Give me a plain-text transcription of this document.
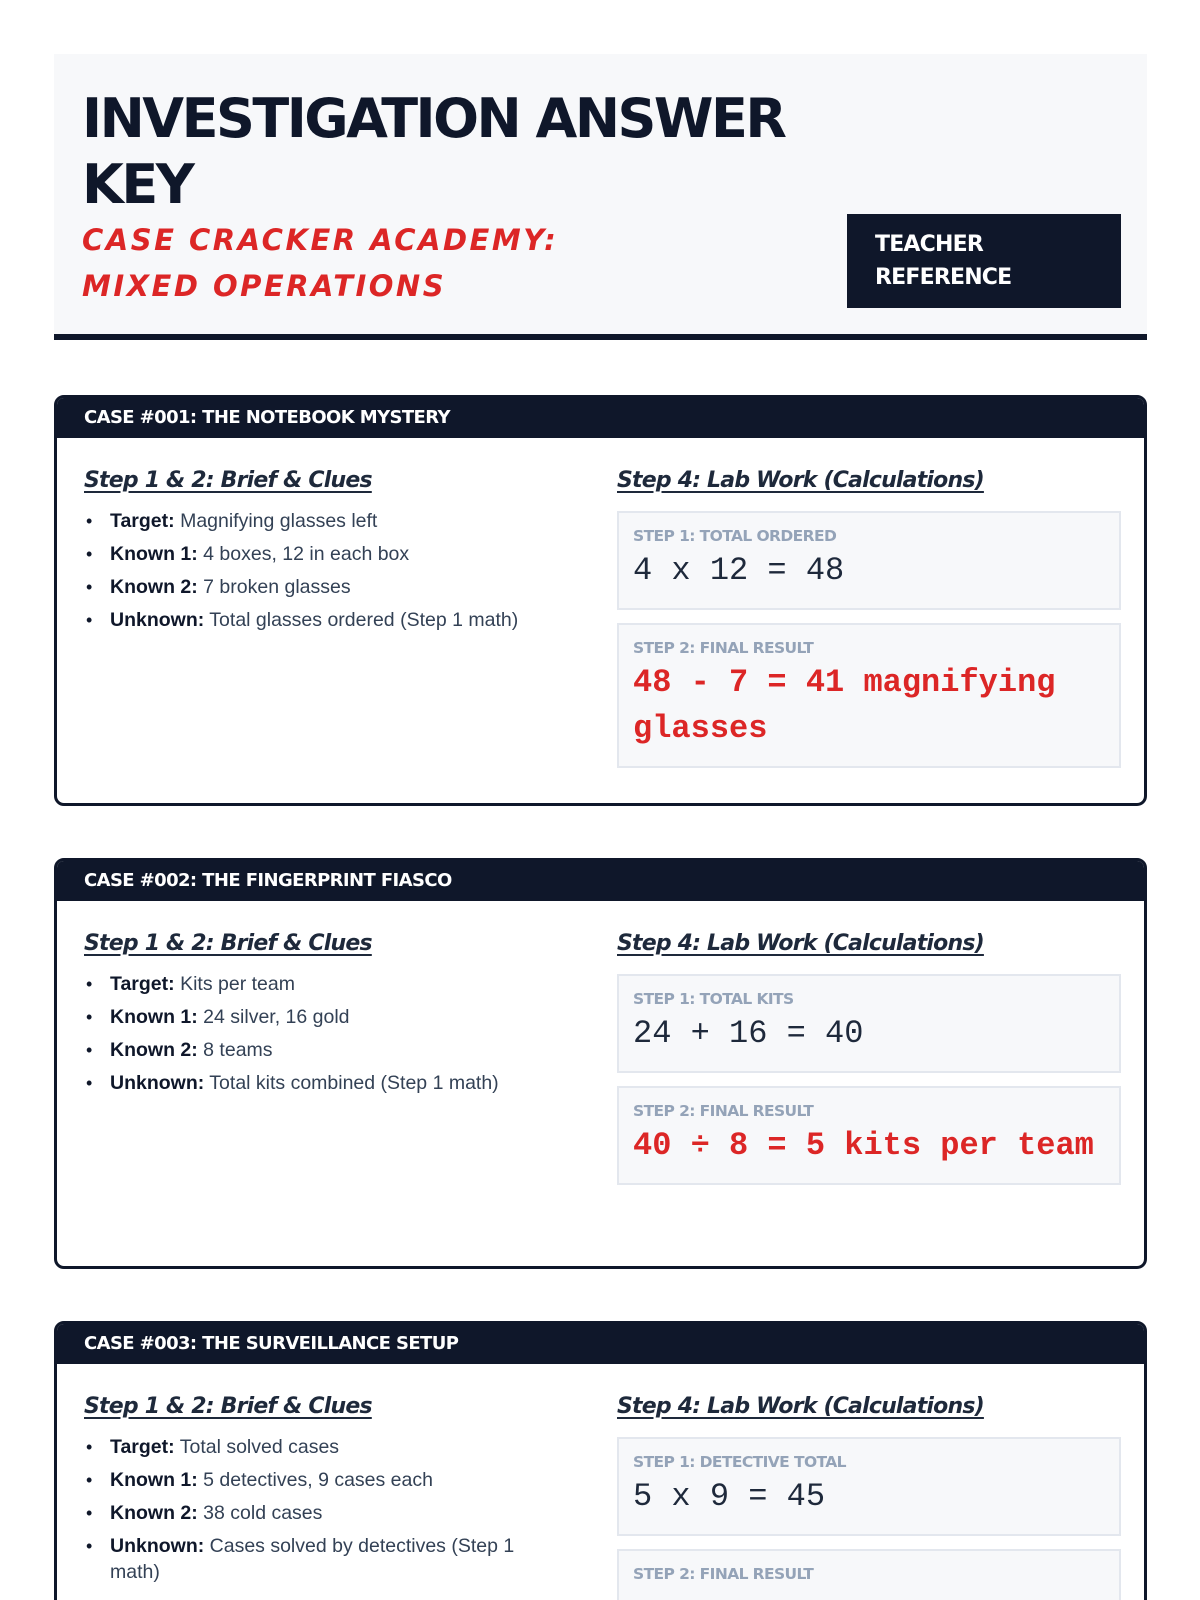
INVESTIGATION ANSWER KEY
CASE CRACKER ACADEMY: MIXED OPERATIONS
TEACHER REFERENCE
CASE #001: THE NOTEBOOK MYSTERY
Step 1 & 2: Brief & Clues
• Target: Magnifying glasses left
• Known 1: 4 boxes, 12 in each box
• Known 2: 7 broken glasses
• Unknown: Total glasses ordered (Step 1 math)
Step 4: Lab Work (Calculations)
STEP 1: TOTAL ORDERED
4 x 12 = 48
STEP 2: FINAL RESULT
48 - 7 = 41 magnifying glasses
CASE #002: THE FINGERPRINT FIASCO
Step 1 & 2: Brief & Clues
• Target: Kits per team
• Known 1: 24 silver, 16 gold
• Known 2: 8 teams
• Unknown: Total kits combined (Step 1 math)
Step 4: Lab Work (Calculations)
STEP 1: TOTAL KITS
24 + 16 = 40
STEP 2: FINAL RESULT
40 ÷ 8 = 5 kits per team
CASE #003: THE SURVEILLANCE SETUP
Step 1 & 2: Brief & Clues
• Target: Total solved cases
• Known 1: 5 detectives, 9 cases each
• Known 2: 38 cold cases
• Unknown: Cases solved by detectives (Step 1 math)
Step 4: Lab Work (Calculations)
STEP 1: DETECTIVE TOTAL
5 x 9 = 45
STEP 2: FINAL RESULT
